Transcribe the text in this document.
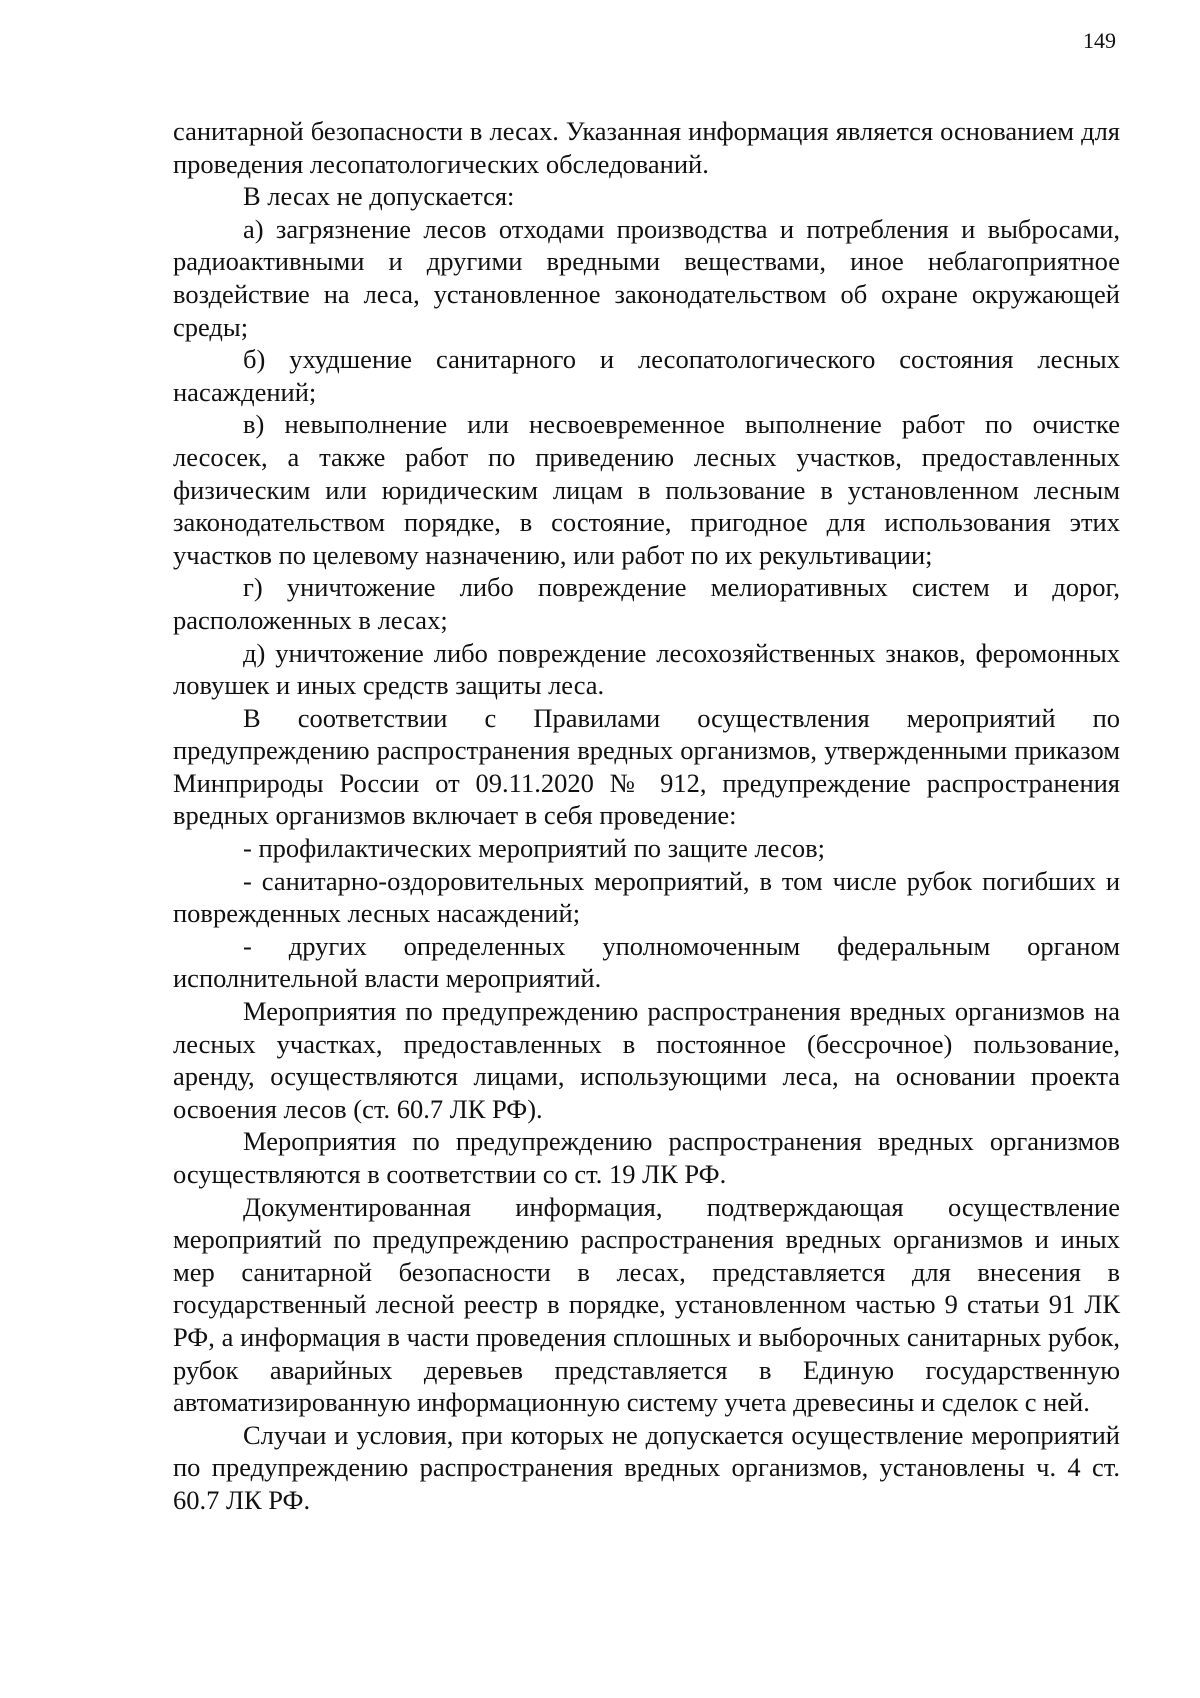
149

санитарной безопасности в лесах. Указанная информация является основанием для проведения лесопатологических обследований.

В лесах не допускается:

а) загрязнение лесов отходами производства и потребления и выбросами, радиоактивными и другими вредными веществами, иное неблагоприятное воздействие на леса, установленное законодательством об охране окружающей среды;

б) ухудшение санитарного и лесопатологического состояния лесных насаждений;

в) невыполнение или несвоевременное выполнение работ по очистке лесосек, а также работ по приведению лесных участков, предоставленных физическим или юридическим лицам в пользование в установленном лесным законодательством порядке, в состояние, пригодное для использования этих участков по целевому назначению, или работ по их рекультивации;

г) уничтожение либо повреждение мелиоративных систем и дорог, расположенных в лесах;

д) уничтожение либо повреждение лесохозяйственных знаков, феромонных ловушек и иных средств защиты леса.

В соответствии с Правилами осуществления мероприятий по предупреждению распространения вредных организмов, утвержденными приказом Минприроды России от 09.11.2020 № 912, предупреждение распространения вредных организмов включает в себя проведение:

- профилактических мероприятий по защите лесов;

- санитарно-оздоровительных мероприятий, в том числе рубок погибших и поврежденных лесных насаждений;

- других определенных уполномоченным федеральным органом исполнительной власти мероприятий.

Мероприятия по предупреждению распространения вредных организмов на лесных участках, предоставленных в постоянное (бессрочное) пользование, аренду, осуществляются лицами, использующими леса, на основании проекта освоения лесов (ст. 60.7 ЛК РФ).

Мероприятия по предупреждению распространения вредных организмов осуществляются в соответствии со ст. 19 ЛК РФ.

Документированная информация, подтверждающая осуществление мероприятий по предупреждению распространения вредных организмов и иных мер санитарной безопасности в лесах, представляется для внесения в государственный лесной реестр в порядке, установленном частью 9 статьи 91 ЛК РФ, а информация в части проведения сплошных и выборочных санитарных рубок, рубок аварийных деревьев представляется в Единую государственную автоматизированную информационную систему учета древесины и сделок с ней.

Случаи и условия, при которых не допускается осуществление мероприятий по предупреждению распространения вредных организмов, установлены ч. 4 ст. 60.7 ЛК РФ.
